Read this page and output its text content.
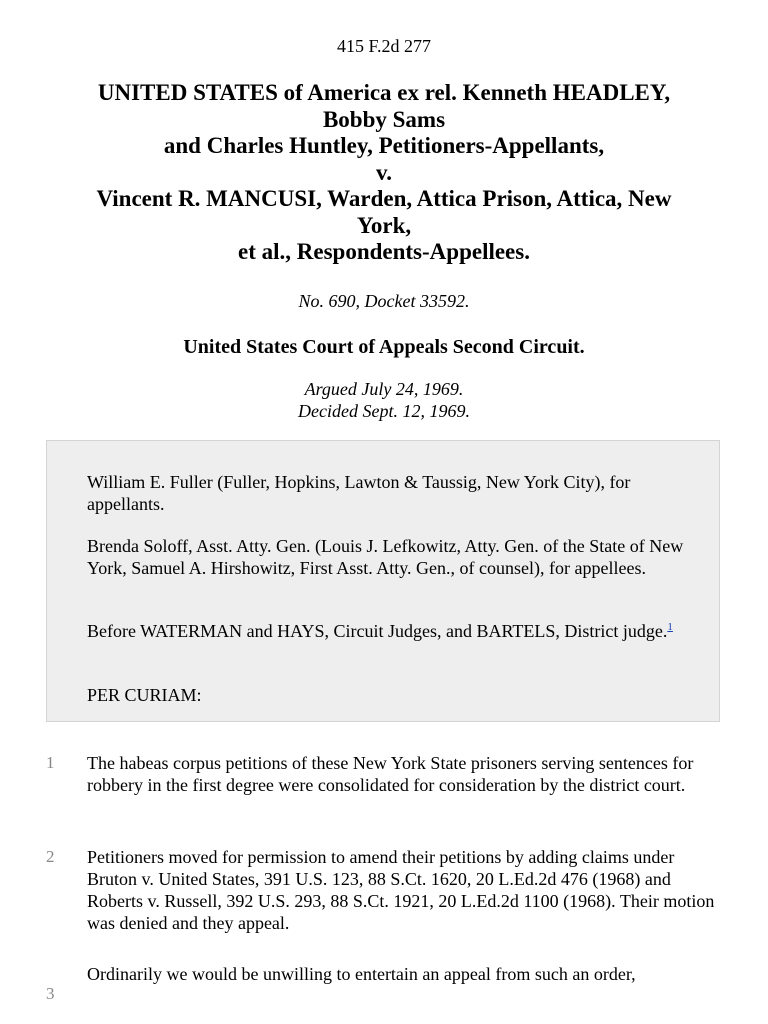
415 F.2d 277
UNITED STATES of America ex rel. Kenneth HEADLEY,
Bobby Sams
and Charles Huntley, Petitioners-Appellants,
v.
Vincent R. MANCUSI, Warden, Attica Prison, Attica, New
York,
et al., Respondents-Appellees.
No. 690, Docket 33592.
United States Court of Appeals Second Circuit.
Argued July 24, 1969.
Decided Sept. 12, 1969.

William E. Fuller (Fuller, Hopkins, Lawton & Taussig, New York City), for appellants.

Brenda Soloff, Asst. Atty. Gen. (Louis J. Lefkowitz, Atty. Gen. of the State of New York, Samuel A. Hirshowitz, First Asst. Atty. Gen., of counsel), for appellees.

Before WATERMAN and HAYS, Circuit Judges, and BARTELS, District judge.$^1$

PER CURIAM:

1 The habeas corpus petitions of these New York State prisoners serving sentences for robbery in the first degree were consolidated for consideration by the district court.
2 Petitioners moved for permission to amend their petitions by adding claims under Bruton v. United States, 391 U.S. 123, 88 S.Ct. 1620, 20 L.Ed.2d 476 (1968) and Roberts v. Russell, 392 U.S. 293, 88 S.Ct. 1921, 20 L.Ed.2d 1100 (1968). Their motion was denied and they appeal.
3
Ordinarily we would be unwilling to entertain an appeal from such an order,
